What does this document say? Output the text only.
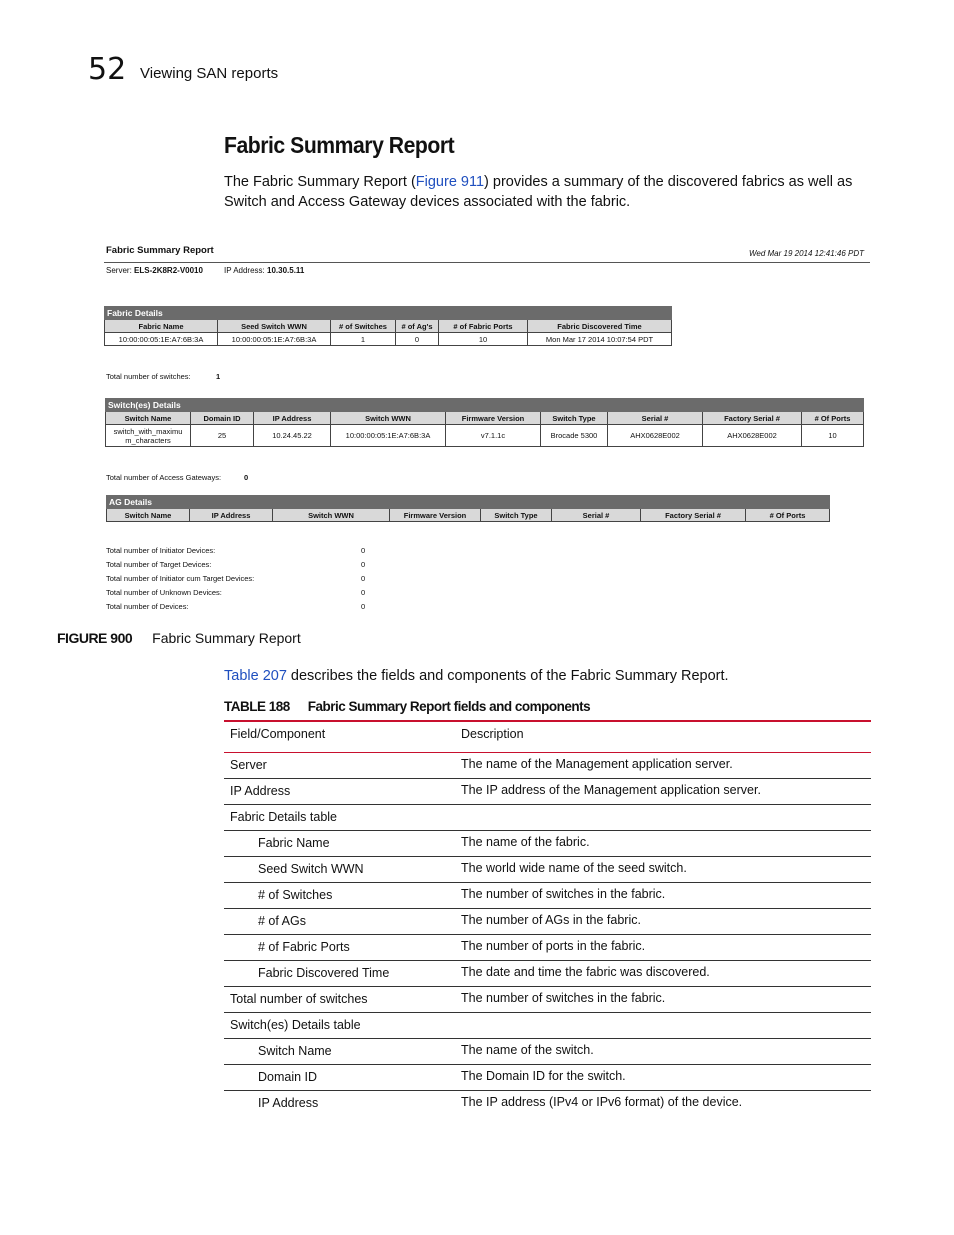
52 Viewing SAN reports
Fabric Summary Report
The Fabric Summary Report (Figure 911) provides a summary of the discovered fabrics as well as Switch and Access Gateway devices associated with the fabric.
Fabric Summary Report	Wed Mar 19 2014 12:41:46 PDT
Server: ELS-2K8R2-V0010	IP Address: 10.30.5.11
Fabric Details					
Fabric Name	Seed Switch WWN	# of Switches	# of Ag's	# of Fabric Ports	Fabric Discovered Time
10:00:00:05:1E:A7:6B:3A	10:00:00:05:1E:A7:6B:3A	1	0	10	Mon Mar 17 2014 10:07:54 PDT
Total number of switches:	1
Switch(es) Details								
Switch Name	Domain ID	IP Address	Switch WWN	Firmware Version	Switch Type	Serial #	Factory Serial #	# Of Ports
switch_with_maximu m_characters	25	10.24.45.22	10:00:00:05:1E:A7:6B:3A	v7.1.1c	Brocade 5300	AHX0628E002	AHX0628E002	10
Total number of Access Gateways:	0
AG Details
Switch Name	IP Address	Switch WWN	Firmware Version	Switch Type	Serial #	Factory Serial #	# Of Ports
Total number of Initiator Devices:	0
Total number of Target Devices:	0
Total number of Initiator cum Target Devices:	0
Total number of Unknown Devices:	0
Total number of Devices:	0
FIGURE 900 Fabric Summary Report
Table 207 describes the fields and components of the Fabric Summary Report.
TABLE 188 Fabric Summary Report fields and components
Field/Component	Description
Server	The name of the Management application server.
IP Address	The IP address of the Management application server.
Fabric Details table
Fabric Name	The name of the fabric.
Seed Switch WWN	The world wide name of the seed switch.
# of Switches	The number of switches in the fabric.
# of AGs	The number of AGs in the fabric.
# of Fabric Ports	The number of ports in the fabric.
Fabric Discovered Time	The date and time the fabric was discovered.
Total number of switches	The number of switches in the fabric.
Switch(es) Details table
Switch Name	The name of the switch.
Domain ID	The Domain ID for the switch.
IP Address	The IP address (IPv4 or IPv6 format) of the device.
